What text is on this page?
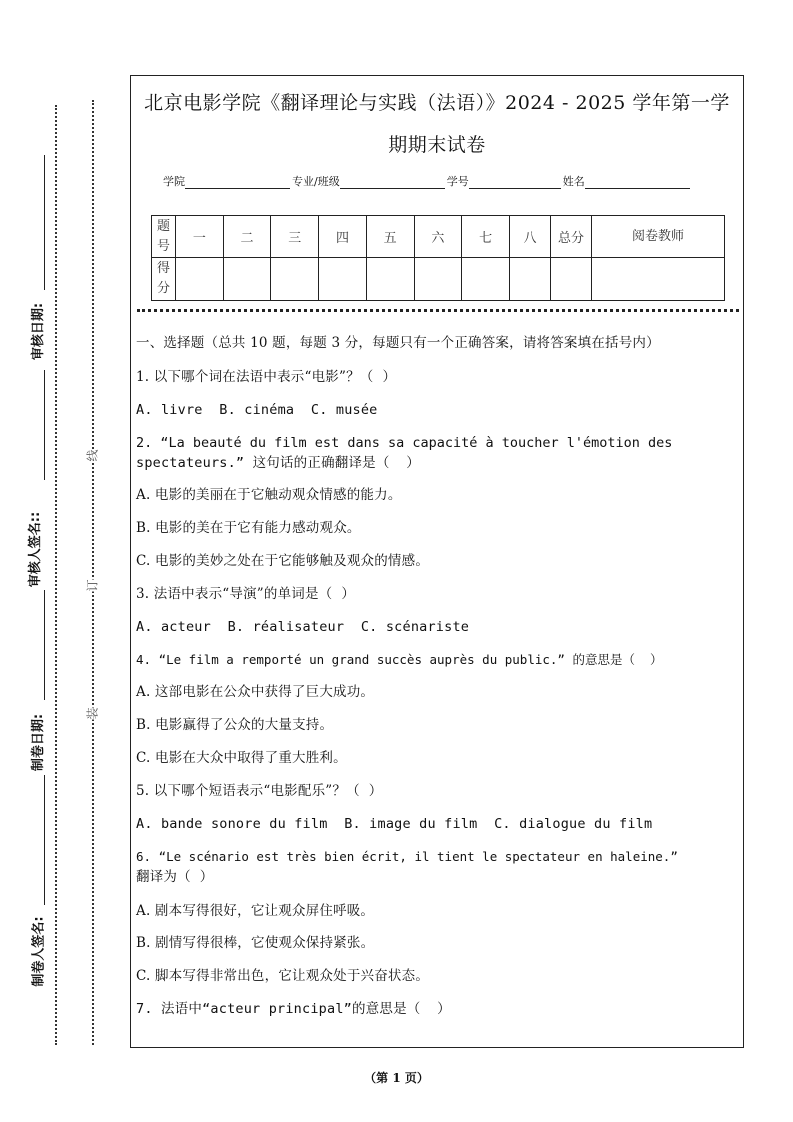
审核日期:
审核人签名::
制卷日期:
制卷人签名:
线
订
装
北京电影学院《翻译理论与实践（法语）》2024 - 2025 学年第一学
期期末试卷
学院	专业/班级	学号	姓名
题号	一	二	三	四	五	六	七	八	总分	阅卷教师
得分										
一、选择题（总共 10 题，每题 3 分，每题只有一个正确答案，请将答案填在括号内）
1. 以下哪个词在法语中表示“电影”？（  ）
A. livre  B. cinéma  C. musée
2. “La beauté du film est dans sa capacité à toucher l'émotion des
spectateurs.” 这句话的正确翻译是（  ）
A. 电影的美丽在于它触动观众情感的能力。
B. 电影的美在于它有能力感动观众。
C. 电影的美妙之处在于它能够触及观众的情感。
3. 法语中表示“导演”的单词是（  ）
A. acteur  B. réalisateur  C. scénariste
4. “Le film a remporté un grand succès auprès du public.” 的意思是（  ）
A. 这部电影在公众中获得了巨大成功。
B. 电影赢得了公众的大量支持。
C. 电影在大众中取得了重大胜利。
5. 以下哪个短语表示“电影配乐”？（  ）
A. bande sonore du film  B. image du film  C. dialogue du film
6. “Le scénario est très bien écrit, il tient le spectateur en haleine.”
翻译为（  ）
A. 剧本写得很好，它让观众屏住呼吸。
B. 剧情写得很棒，它使观众保持紧张。
C. 脚本写得非常出色，它让观众处于兴奋状态。
7. 法语中“acteur principal”的意思是（  ）
（第 1 页）
